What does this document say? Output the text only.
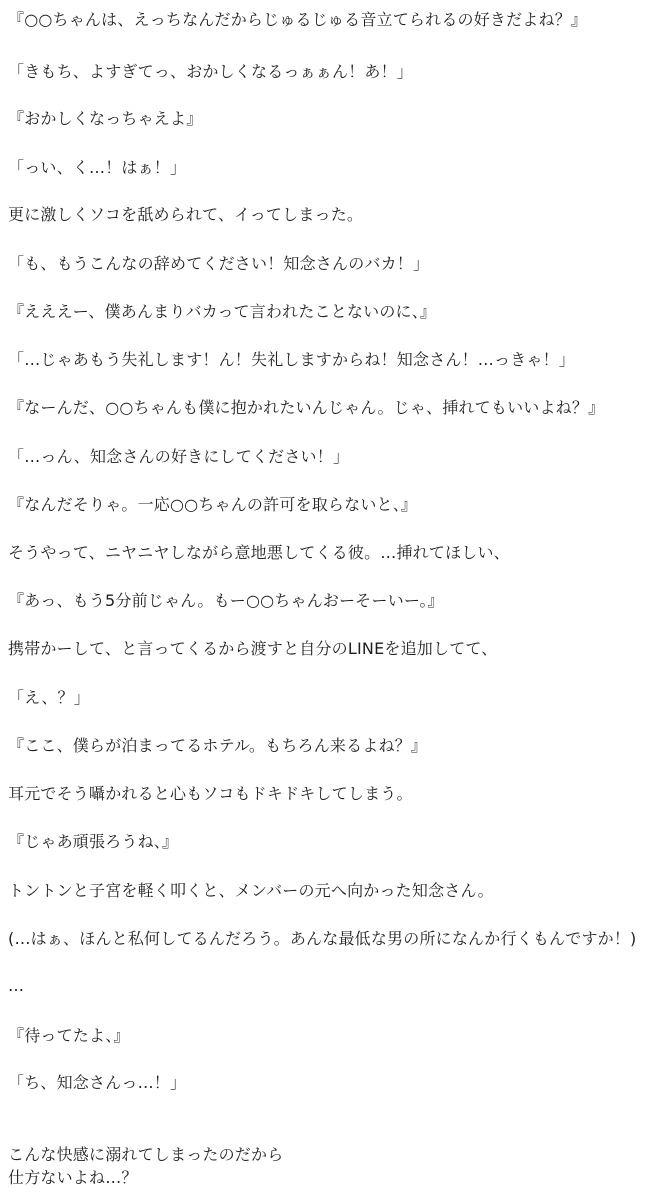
『○○ちゃんは、えっちなんだからじゅるじゅる音立てられるの好きだよね？』
「きもち、よすぎてっ、おかしくなるっぁぁん！あ！」
『おかしくなっちゃえよ』
「っい、く…！はぁ！」
更に激しくソコを舐められて、イってしまった。
「も、もうこんなの辞めてください！知念さんのバカ！」
『えええー、僕あんまりバカって言われたことないのに、』
「…じゃあもう失礼します！ん！失礼しますからね！知念さん！…っきゃ！」
『なーんだ、○○ちゃんも僕に抱かれたいんじゃん。じゃ、挿れてもいいよね？』
「…っん、知念さんの好きにしてください！」
『なんだそりゃ。一応○○ちゃんの許可を取らないと、』
そうやって、ニヤニヤしながら意地悪してくる彼。…挿れてほしい、
『あっ、もう5分前じゃん。もー○○ちゃんおーそーいー。』
携帯かーして、と言ってくるから渡すと自分のLINEを追加してて、
「え、？」
『ここ、僕らが泊まってるホテル。もちろん来るよね？』
耳元でそう囁かれると心もソコもドキドキしてしまう。
『じゃあ頑張ろうね、』
トントンと子宮を軽く叩くと、メンバーの元へ向かった知念さん。
(…はぁ、ほんと私何してるんだろう。あんな最低な男の所になんか行くもんですか！)
…
『待ってたよ、』
「ち、知念さんっ…！」
こんな快感に溺れてしまったのだから
仕方ないよね…？
